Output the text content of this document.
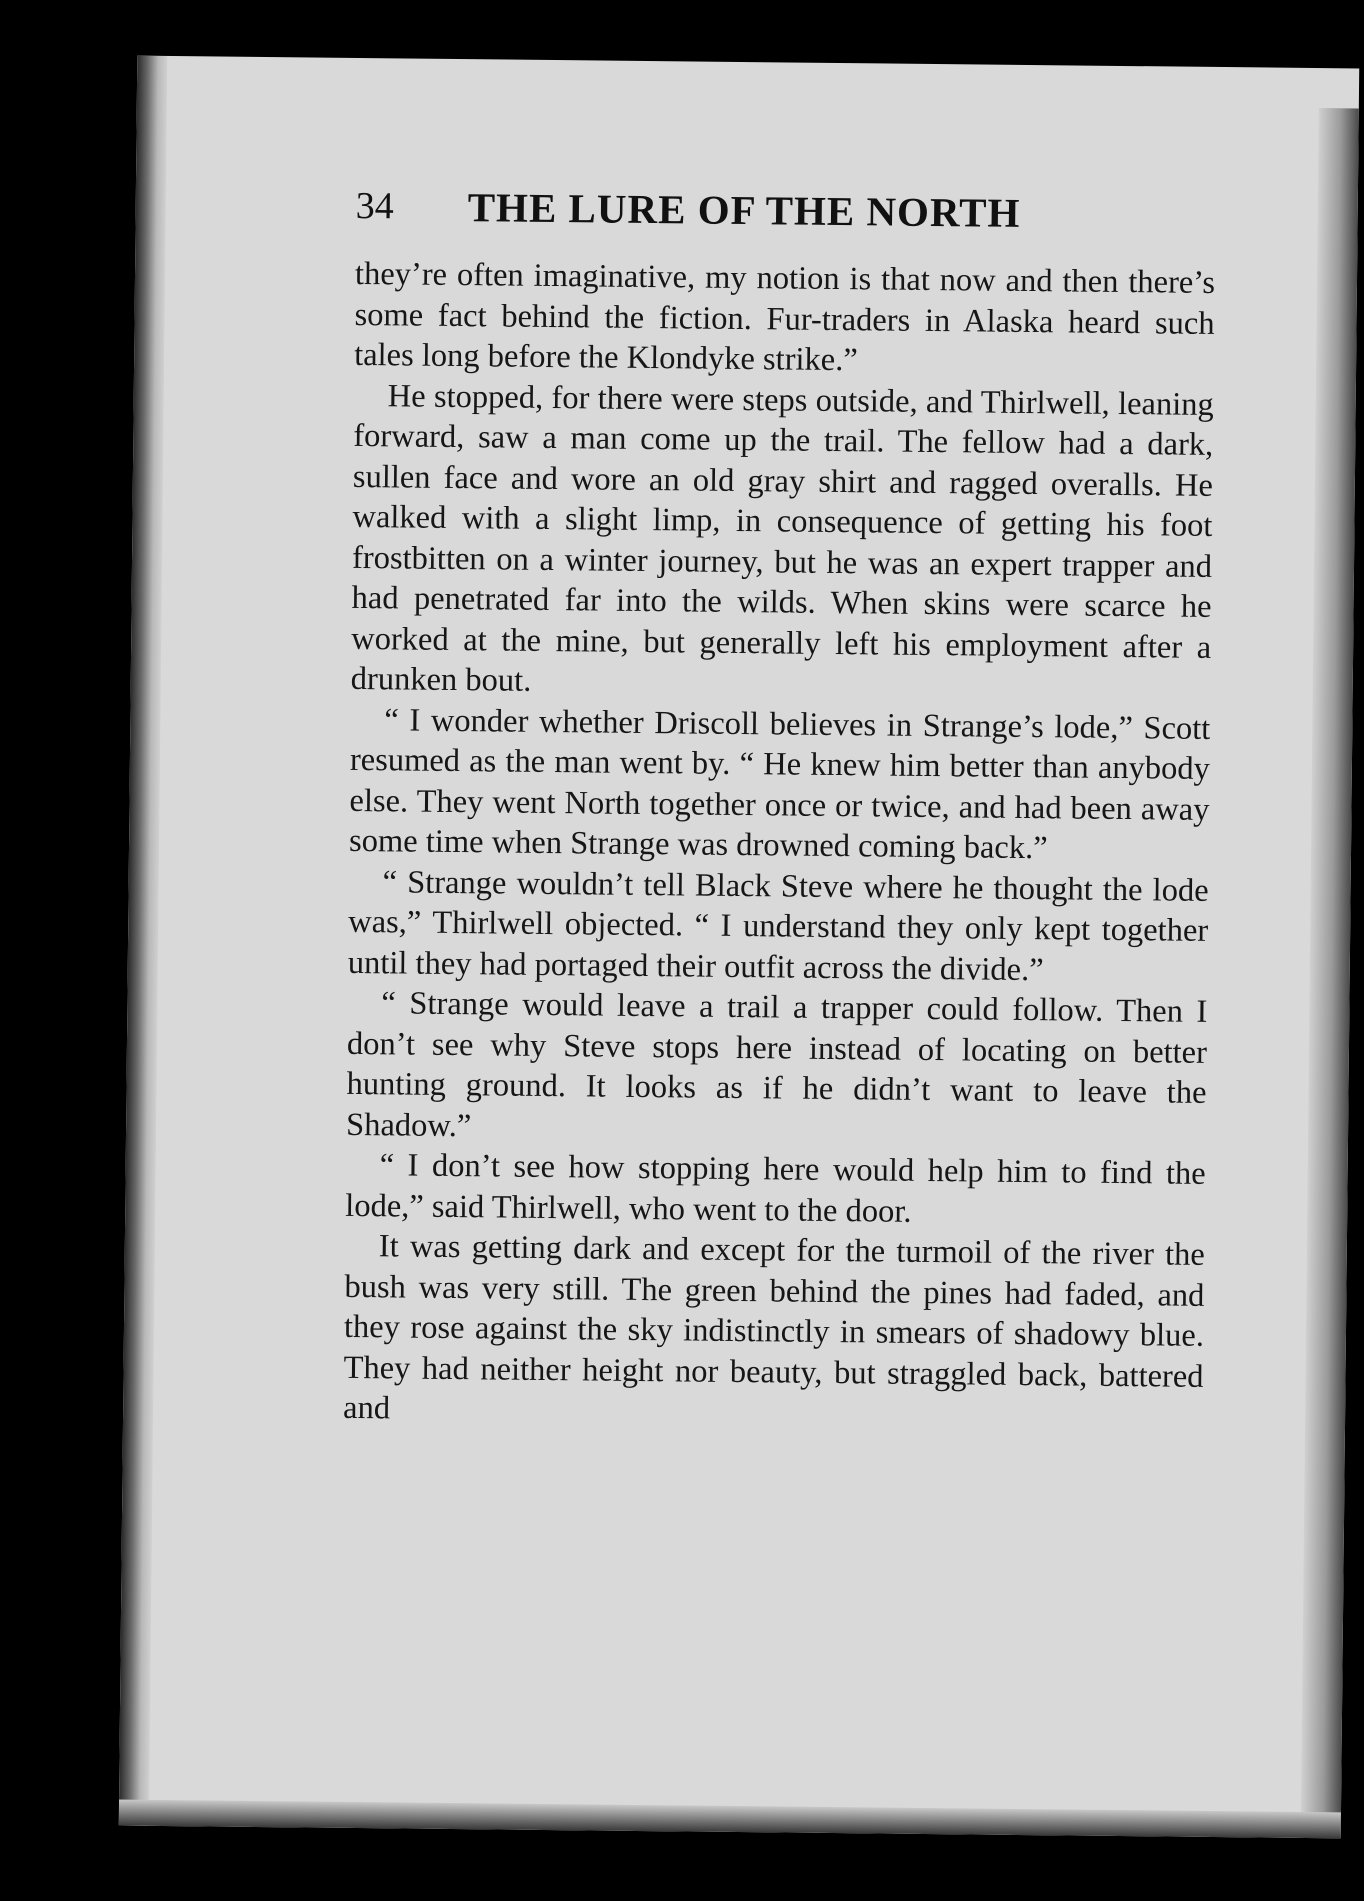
34 THE LURE OF THE NORTH

they’re often imaginative, my notion is that now and then there’s some fact behind the fiction. Fur-traders in Alaska heard such tales long before the Klondyke strike.”

He stopped, for there were steps outside, and Thirlwell, leaning forward, saw a man come up the trail. The fellow had a dark, sullen face and wore an old gray shirt and ragged overalls. He walked with a slight limp, in consequence of getting his foot frostbitten on a winter journey, but he was an expert trapper and had penetrated far into the wilds. When skins were scarce he worked at the mine, but generally left his employment after a drunken bout.

“ I wonder whether Driscoll believes in Strange’s lode,” Scott resumed as the man went by. “ He knew him better than anybody else. They went North together once or twice, and had been away some time when Strange was drowned coming back.”

“ Strange wouldn’t tell Black Steve where he thought the lode was,” Thirlwell objected. “ I understand they only kept together until they had portaged their outfit across the divide.”

“ Strange would leave a trail a trapper could follow. Then I don’t see why Steve stops here instead of locating on better hunting ground. It looks as if he didn’t want to leave the Shadow.”

“ I don’t see how stopping here would help him to find the lode,” said Thirlwell, who went to the door.

It was getting dark and except for the turmoil of the river the bush was very still. The green behind the pines had faded, and they rose against the sky indistinctly in smears of shadowy blue. They had neither height nor beauty, but straggled back, battered and
